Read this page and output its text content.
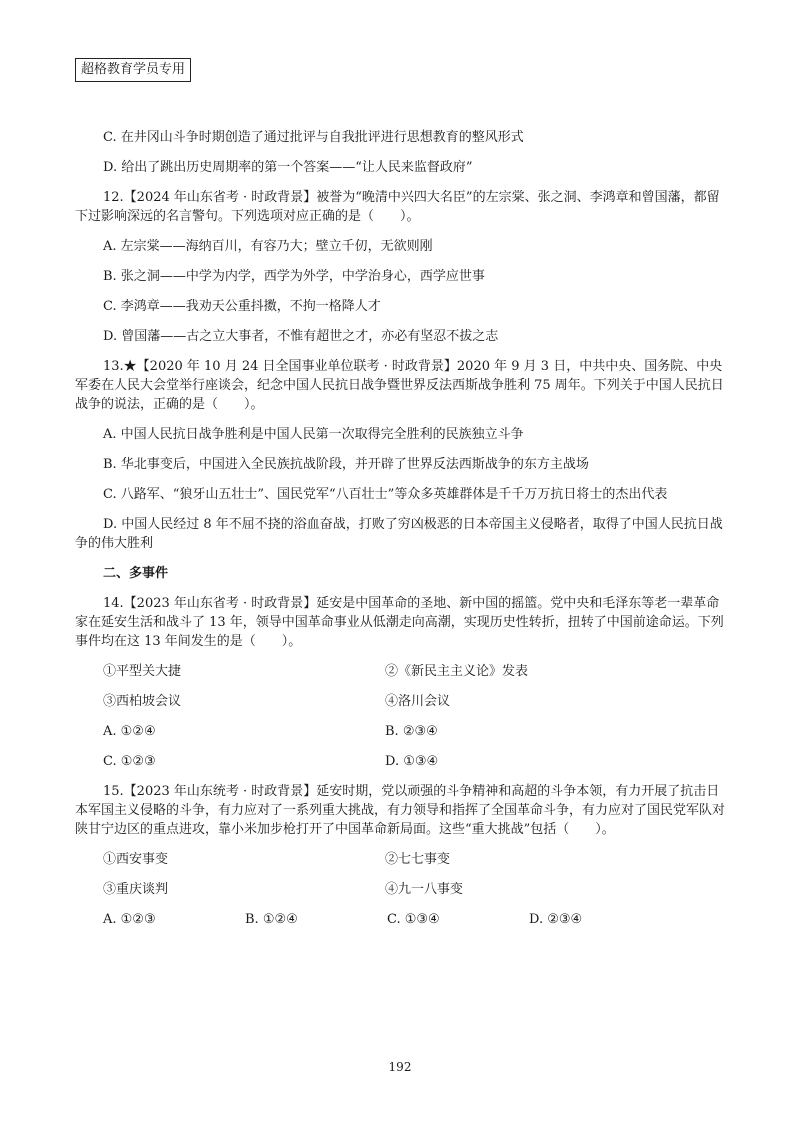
超格教育学员专用

C. 在井冈山斗争时期创造了通过批评与自我批评进行思想教育的整风形式

D. 给出了跳出历史周期率的第一个答案——“让人民来监督政府”

12.【2024 年山东省考 · 时政背景】被誉为“晚清中兴四大名臣”的左宗棠、张之洞、李鸿章和曾国藩，都留下过影响深远的名言警句。下列选项对应正确的是（　　）。

A. 左宗棠——海纳百川，有容乃大；壁立千仞，无欲则刚

B. 张之洞——中学为内学，西学为外学，中学治身心，西学应世事

C. 李鸿章——我劝天公重抖擞，不拘一格降人才

D. 曾国藩——古之立大事者，不惟有超世之才，亦必有坚忍不拔之志

13.★【2020 年 10 月 24 日全国事业单位联考 · 时政背景】2020 年 9 月 3 日，中共中央、国务院、中央军委在人民大会堂举行座谈会，纪念中国人民抗日战争暨世界反法西斯战争胜利 75 周年。下列关于中国人民抗日战争的说法，正确的是（　　）。

A. 中国人民抗日战争胜利是中国人民第一次取得完全胜利的民族独立斗争

B. 华北事变后，中国进入全民族抗战阶段，并开辟了世界反法西斯战争的东方主战场

C. 八路军、“狼牙山五壮士”、国民党军“八百壮士”等众多英雄群体是千千万万抗日将士的杰出代表

D. 中国人民经过 8 年不屈不挠的浴血奋战，打败了穷凶极恶的日本帝国主义侵略者，取得了中国人民抗日战争的伟大胜利

二、多事件

14.【2023 年山东省考 · 时政背景】延安是中国革命的圣地、新中国的摇篮。党中央和毛泽东等老一辈革命家在延安生活和战斗了 13 年，领导中国革命事业从低潮走向高潮，实现历史性转折，扭转了中国前途命运。下列事件均在这 13 年间发生的是（　　）。

①平型关大捷	②《新民主主义论》发表
③西柏坡会议	④洛川会议
A. ①②④	B. ②③④
C. ①②③	D. ①③④

15.【2023 年山东统考 · 时政背景】延安时期，党以顽强的斗争精神和高超的斗争本领，有力开展了抗击日本军国主义侵略的斗争，有力应对了一系列重大挑战，有力领导和指挥了全国革命斗争，有力应对了国民党军队对陕甘宁边区的重点进攻，靠小米加步枪打开了中国革命新局面。这些“重大挑战”包括（　　）。

①西安事变	②七七事变
③重庆谈判	④九一八事变
A. ①②③	B. ①②④	C. ①③④	D. ②③④
192
